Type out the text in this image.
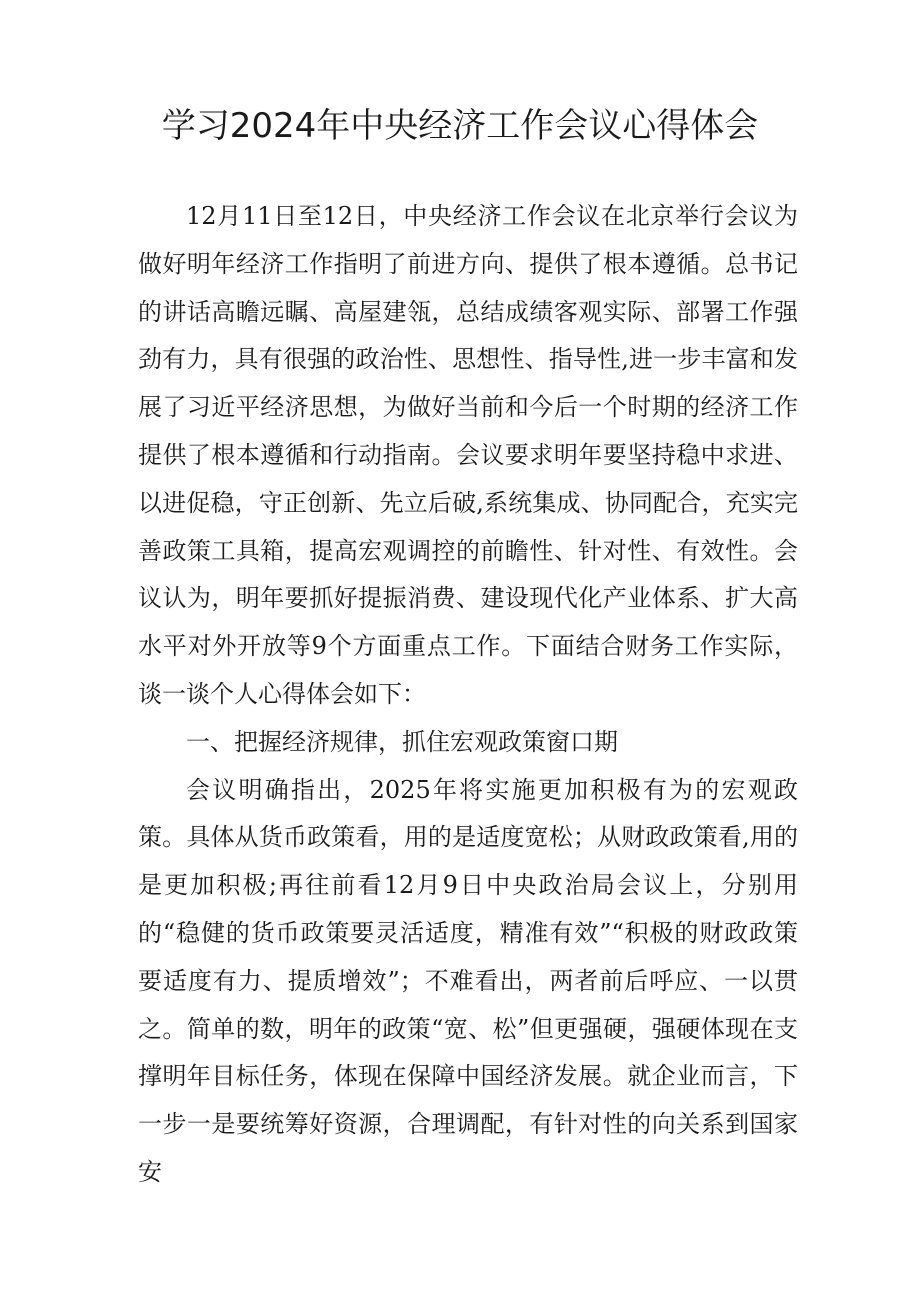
学习2024年中央经济工作会议心得体会

12月11日至12日，中央经济工作会议在北京举行会议为做好明年经济工作指明了前进方向、提供了根本遵循。总书记的讲话高瞻远瞩、高屋建瓴，总结成绩客观实际、部署工作强劲有力，具有很强的政治性、思想性、指导性,进一步丰富和发展了习近平经济思想，为做好当前和今后一个时期的经济工作提供了根本遵循和行动指南。会议要求明年要坚持稳中求进、以进促稳，守正创新、先立后破,系统集成、协同配合，充实完善政策工具箱，提高宏观调控的前瞻性、针对性、有效性。会议认为，明年要抓好提振消费、建设现代化产业体系、扩大高水平对外开放等9个方面重点工作。下面结合财务工作实际，谈一谈个人心得体会如下：

一、把握经济规律，抓住宏观政策窗口期

会议明确指出，2025年将实施更加积极有为的宏观政策。具体从货币政策看，用的是适度宽松；从财政政策看,用的是更加积极;再往前看12月9日中央政治局会议上，分别用的“稳健的货币政策要灵活适度，精准有效”“积极的财政政策要适度有力、提质增效”；不难看出，两者前后呼应、一以贯之。简单的数，明年的政策“宽、松”但更强硬，强硬体现在支撑明年目标任务，体现在保障中国经济发展。就企业而言，下一步一是要统筹好资源，合理调配，有针对性的向关系到国家安
